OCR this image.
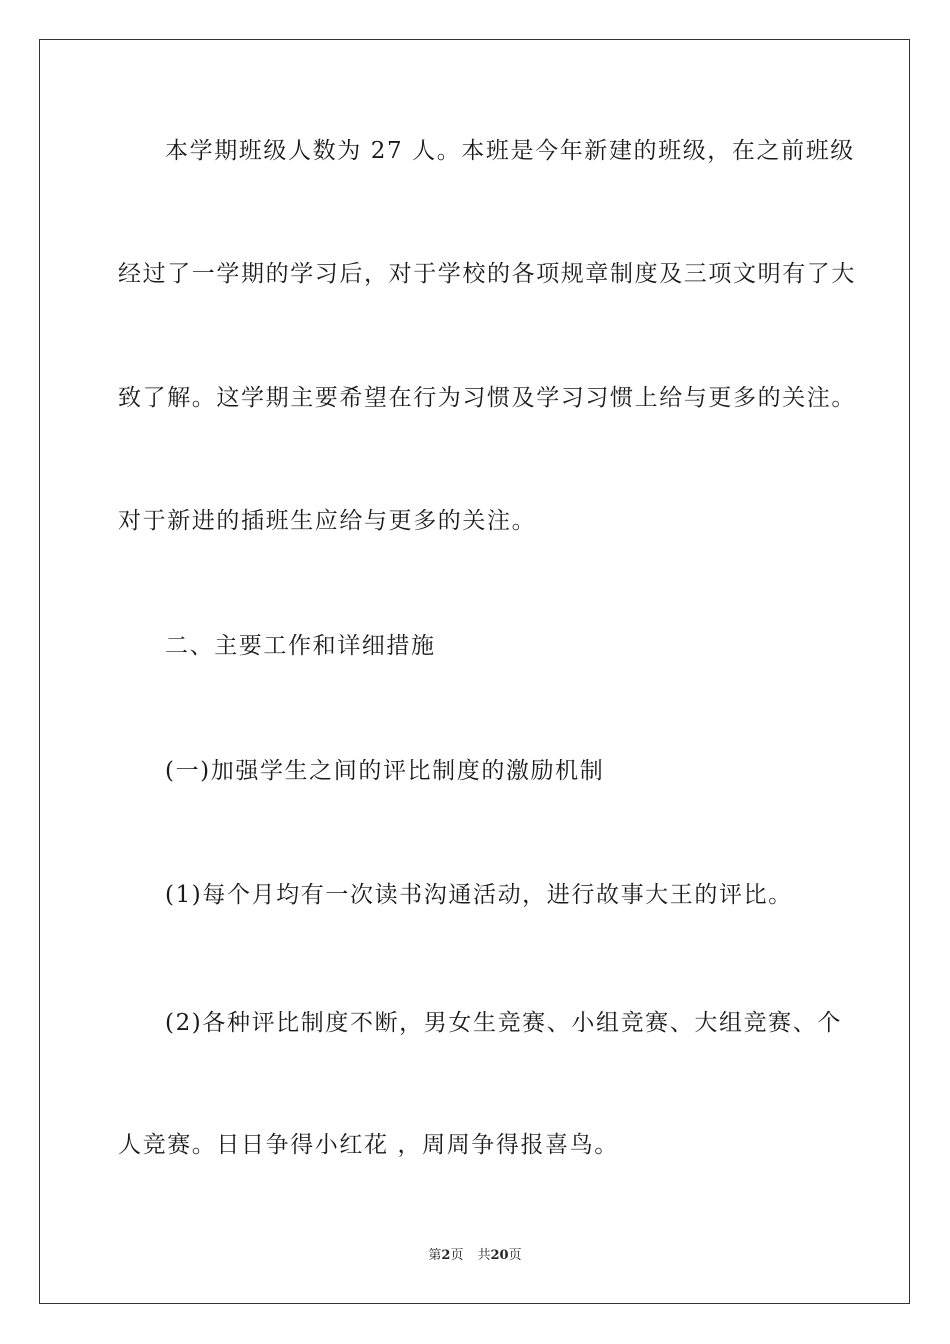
本学期班级人数为 27 人。本班是今年新建的班级，在之前班级
经过了一学期的学习后，对于学校的各项规章制度及三项文明有了大
致了解。这学期主要希望在行为习惯及学习习惯上给与更多的关注。
对于新进的插班生应给与更多的关注。
二、主要工作和详细措施
(一)加强学生之间的评比制度的激励机制
(1)每个月均有一次读书沟通活动，进行故事大王的评比。
(2)各种评比制度不断，男女生竞赛、小组竞赛、大组竞赛、个
人竞赛。日日争得小红花 ，周周争得报喜鸟。
第2页 共20页
